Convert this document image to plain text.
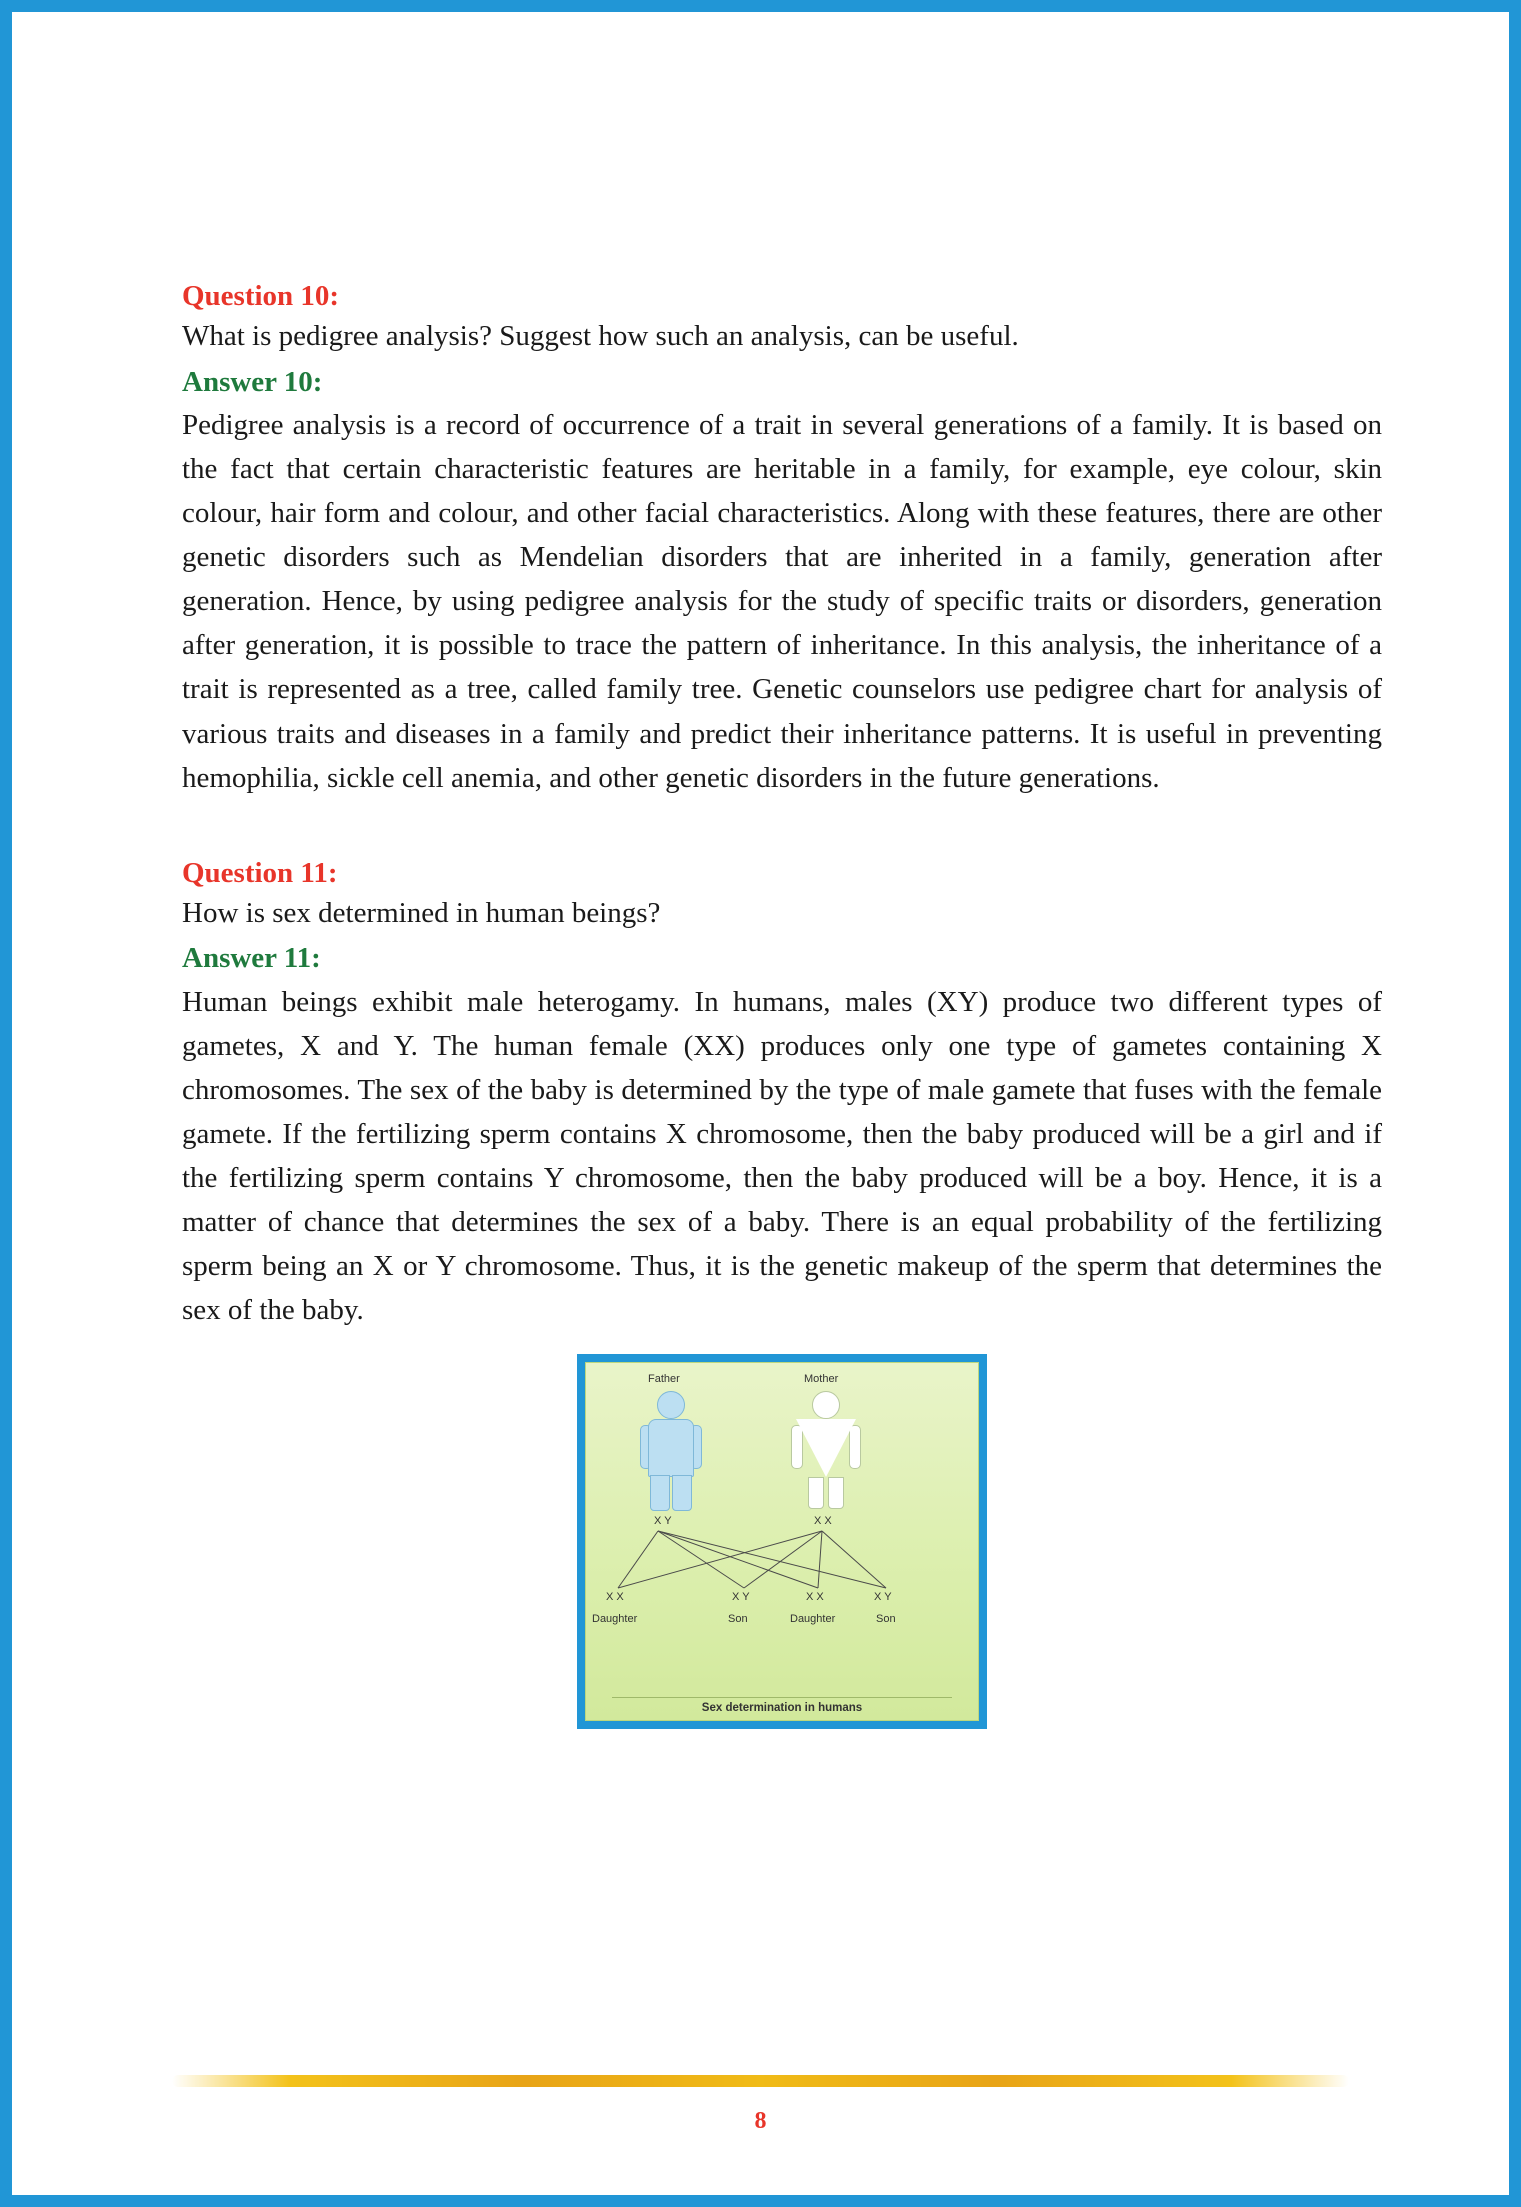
Question 10:

What is pedigree analysis? Suggest how such an analysis, can be useful.

Answer 10:

Pedigree analysis is a record of occurrence of a trait in several generations of a family. It is based on the fact that certain characteristic features are heritable in a family, for example, eye colour, skin colour, hair form and colour, and other facial characteristics. Along with these features, there are other genetic disorders such as Mendelian disorders that are inherited in a family, generation after generation. Hence, by using pedigree analysis for the study of specific traits or disorders, generation after generation, it is possible to trace the pattern of inheritance. In this analysis, the inheritance of a trait is represented as a tree, called family tree. Genetic counselors use pedigree chart for analysis of various traits and diseases in a family and predict their inheritance patterns. It is useful in preventing hemophilia, sickle cell anemia, and other genetic disorders in the future generations.

Question 11:

How is sex determined in human beings?

Answer 11:

Human beings exhibit male heterogamy. In humans, males (XY) produce two different types of gametes, X and Y. The human female (XX) produces only one type of gametes containing X chromosomes. The sex of the baby is determined by the type of male gamete that fuses with the female gamete. If the fertilizing sperm contains X chromosome, then the baby produced will be a girl and if the fertilizing sperm contains Y chromosome, then the baby produced will be a boy. Hence, it is a matter of chance that determines the sex of a baby. There is an equal probability of the fertilizing sperm being an X or Y chromosome. Thus, it is the genetic makeup of the sperm that determines the sex of the baby.

Father	Mother
X Y	X X
X X	X Y	X X	X Y
Daughter	Son	Daughter	Son
Sex determination in humans
8
